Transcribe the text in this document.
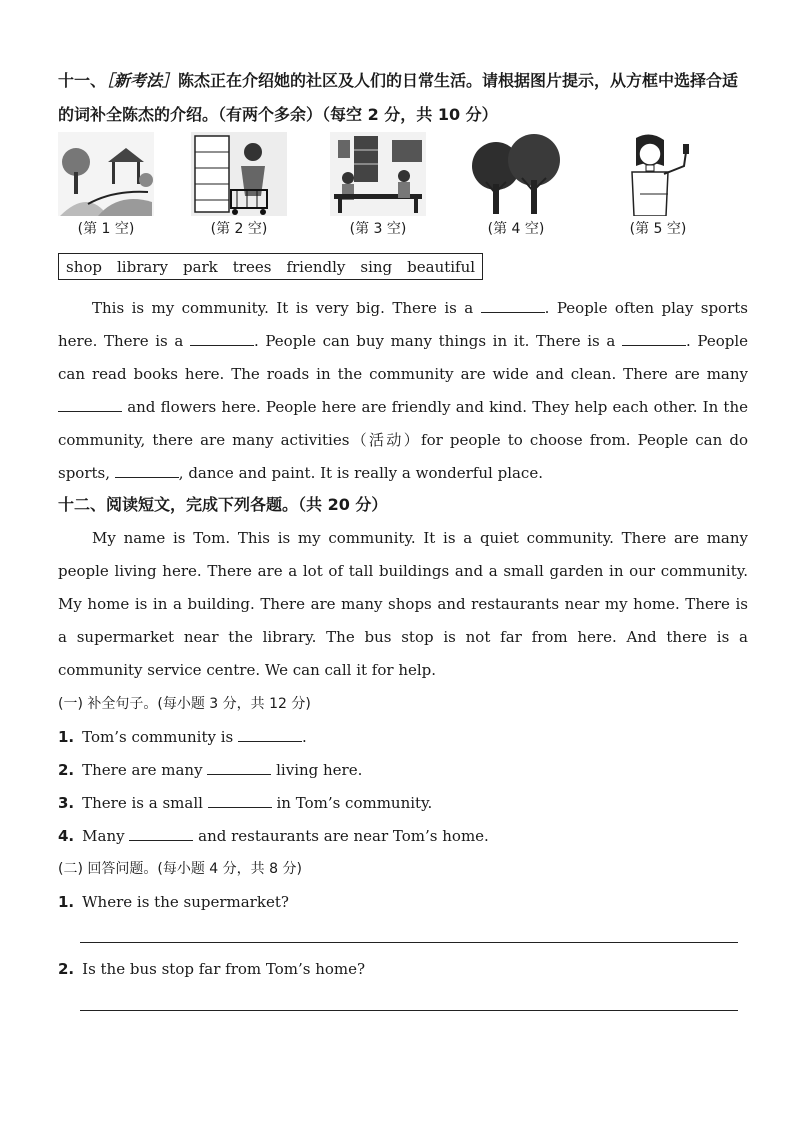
十一、［新考法］陈杰正在介绍她的社区及人们的日常生活。请根据图片提示，从方框中选择合适的词补全陈杰的介绍。（有两个多余）（每空 2 分，共 10 分）
(第 1 空)	(第 2 空)	(第 3 空)	(第 4 空)	(第 5 空)
shop library park trees friendly sing beautiful
This is my community. It is very big. There is a	. People often play sports here. There is a	. People can buy many things in it. There is a	. People can read books here. The roads in the community are wide and clean. There are many  and flowers here. People here are friendly and kind. They help each other. In the community, there are many activities（活动）for people to choose from. People can do sports,	, dance and paint. It is really a wonderful place.
十二、阅读短文，完成下列各题。（共 20 分）
My name is Tom. This is my community. It is a quiet community. There are many people living here. There are a lot of tall buildings and a small garden in our community. My home is in a building. There are many shops and restaurants near my home. There is a supermarket near the library. The bus stop is not far from here. And there is a community service centre. We can call it for help.
(一) 补全句子。(每小题 3 分，共 12 分)
1. Tom’s community is	.
2. There are many	living here.
3. There is a small	in Tom’s community.
4. Many	and restaurants are near Tom’s home.
(二) 回答问题。(每小题 4 分，共 8 分)
1. Where is the supermarket?
2. Is the bus stop far from Tom’s home?
